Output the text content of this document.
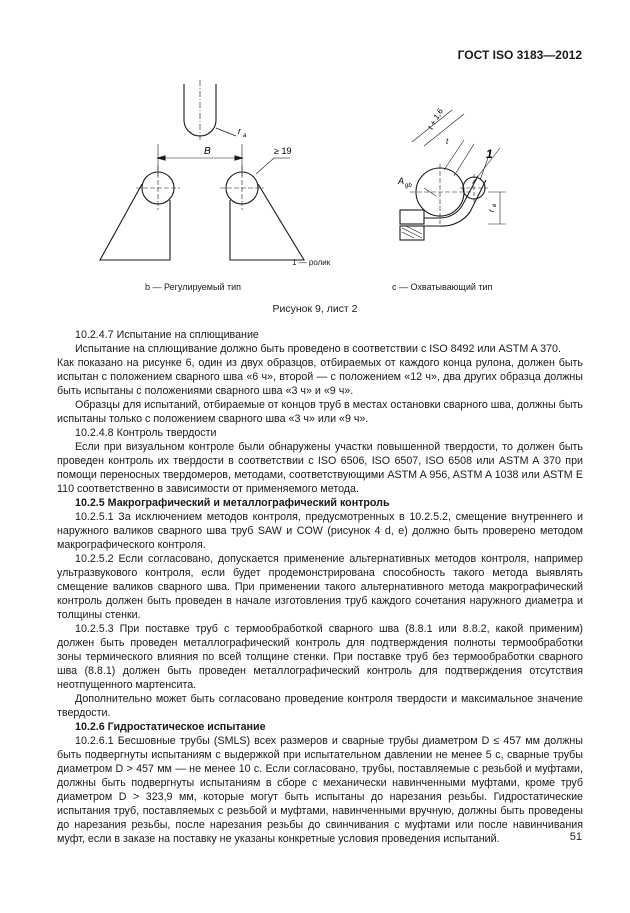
ГОСТ ISO 3183—2012
B	≥ 19
r a
t + 1,6
t
1
A gb
r
в
1 — ролик
b — Регулируемый тип	c — Охватывающий тип
Рисунок 9, лист 2

10.2.4.7 Испытание на сплющивание

Испытание на сплющивание должно быть проведено в соответствии с ISO 8492 или ASTM A 370.

Как показано на рисунке 6, один из двух образцов, отбираемых от каждого конца рулона, должен быть испытан с положением сварного шва «6 ч», второй — с положением «12 ч», два других образца должны быть испытаны с положениями сварного шва «3 ч» и «9 ч».

Образцы для испытаний, отбираемые от концов труб в местах остановки сварного шва, должны быть испытаны только с положением сварного шва «3 ч» или «9 ч».

10.2.4.8 Контроль твердости

Если при визуальном контроле были обнаружены участки повышенной твердости, то должен быть проведен контроль их твердости в соответствии с ISO 6506, ISO 6507, ISO 6508 или ASTM A 370 при помощи переносных твердомеров, методами, соответствующими ASTM A 956, ASTM A 1038 или ASTM E 110 соответственно в зависимости от применяемого метода.

10.2.5 Макрографический и металлографический контроль

10.2.5.1 За исключением методов контроля, предусмотренных в 10.2.5.2, смещение внутреннего и наружного валиков сварного шва труб SAW и COW (рисунок 4 d, e) должно быть проверено методом макрографического контроля.

10.2.5.2 Если согласовано, допускается применение альтернативных методов контроля, например ультразвукового контроля, если будет продемонстрирована способность такого метода выявлять смещение валиков сварного шва. При применении такого альтернативного метода макрографический контроль должен быть проведен в начале изготовления труб каждого сочетания наружного диаметра и толщины стенки.

10.2.5.3 При поставке труб с термообработкой сварного шва (8.8.1 или 8.8.2, какой применим) должен быть проведен металлографический контроль для подтверждения полноты термообработки зоны термического влияния по всей толщине стенки. При поставке труб без термообработки сварного шва (8.8.1) должен быть проведен металлографический контроль для подтверждения отсутствия неотпущенного мартенсита.

Дополнительно может быть согласовано проведение контроля твердости и максимальное значение твердости.

10.2.6 Гидростатическое испытание

10.2.6.1 Бесшовные трубы (SMLS) всех размеров и сварные трубы диаметром D ≤ 457 мм должны быть подвергнуты испытаниям с выдержкой при испытательном давлении не менее 5 с, сварные трубы диаметром D > 457 мм — не менее 10 с. Если согласовано, трубы, поставляемые с резьбой и муфтами, должны быть подвергнуты испытаниям в сборе с механически навинченными муфтами, кроме труб диаметром D > 323,9 мм, которые могут быть испытаны до нарезания резьбы. Гидростатические испытания труб, поставляемых с резьбой и муфтами, навинченными вручную, должны быть проведены до нарезания резьбы, после нарезания резьбы до свинчивания с муфтами или после навинчивания муфт, если в заказе на поставку не указаны конкретные условия проведения испытаний.	51
